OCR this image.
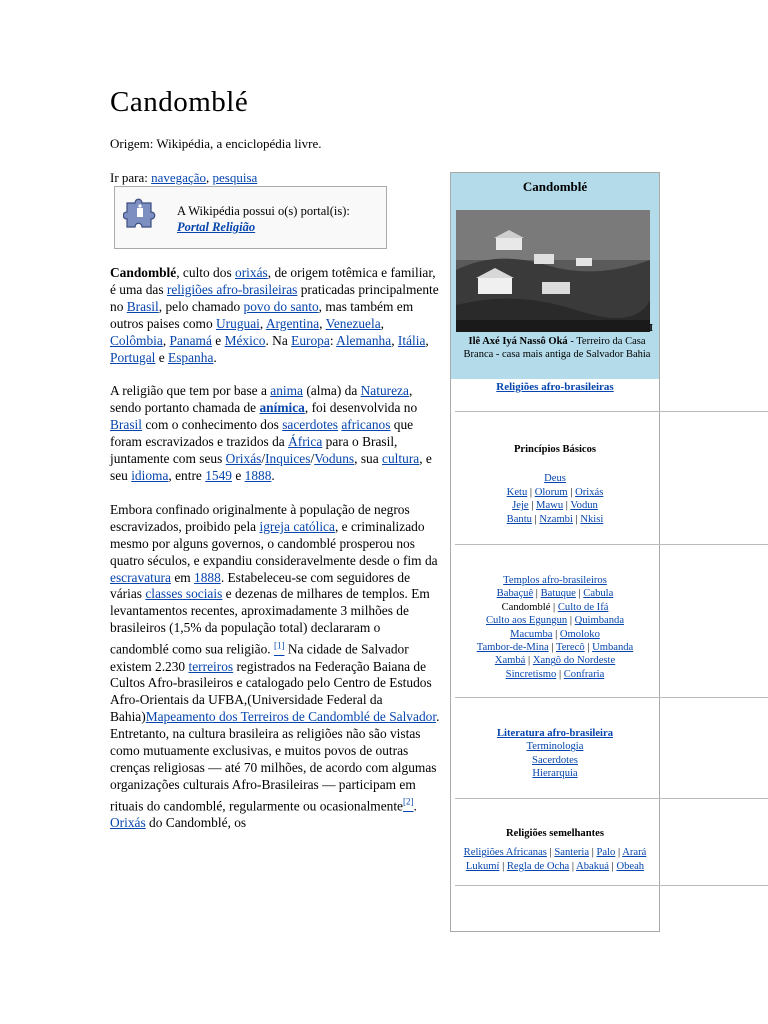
Candomblé
Origem: Wikipédia, a enciclopédia livre.
Ir para: navegação, pesquisa
A Wikipédia possui o(s) portal(is):
Portal Religião

Candomblé, culto dos orixás, de origem totêmica e familiar, é uma das religiões afro-brasileiras praticadas principalmente no Brasil, pelo chamado povo do santo, mas também em outros paises como Uruguai, Argentina, Venezuela, Colômbia, Panamá e México. Na Europa: Alemanha, Itália, Portugal e Espanha.

A religião que tem por base a anima (alma) da Natureza, sendo portanto chamada de anímica, foi desenvolvida no Brasil com o conhecimento dos sacerdotes africanos que foram escravizados e trazidos da África para o Brasil, juntamente com seus Orixás/Inquices/Voduns, sua cultura, e seu idioma, entre 1549 e 1888.

Embora confinado originalmente à população de negros escravizados, proibido pela igreja católica, e criminalizado mesmo por alguns governos, o candomblé prosperou nos quatro séculos, e expandiu consideravelmente desde o fim da escravatura em 1888. Estabeleceu-se com seguidores de várias classes sociais e dezenas de milhares de templos. Em levantamentos recentes, aproximadamente 3 milhões de brasileiros (1,5% da população total) declararam o candomblé como sua religião. [1] Na cidade de Salvador existem 2.230 terreiros registrados na Federação Baiana de Cultos Afro-brasileiros e catalogado pelo Centro de Estudos Afro-Orientais da UFBA,(Universidade Federal da Bahia)Mapeamento dos Terreiros de Candomblé de Salvador. Entretanto, na cultura brasileira as religiões não são vistas como mutuamente exclusivas, e muitos povos de outras crenças religiosas — até 70 milhões, de acordo com algumas organizações culturais Afro-Brasileiras — participam em rituais do candomblé, regularmente ou ocasionalmente[2]. Orixás do Candomblé, os

Candomblé
I
Ilê Axé Iyá Nassô Oká - Terreiro da Casa Branca - casa mais antiga de Salvador Bahia
Religiões afro-brasileiras
Princípios Básicos
Deus
Ketu | Olorum | Orixás
Jeje | Mawu | Vodun
Bantu | Nzambi | Nkisi
Templos afro-brasileiros
Babaçuê | Batuque | Cabula
Candomblé | Culto de Ifá
Culto aos Egungun | Quimbanda
Macumba | Omoloko
Tambor-de-Mina | Terecô | Umbanda
Xambá | Xangô do Nordeste
Sincretismo | Confraria
Literatura afro-brasileira
Terminologia
Sacerdotes
Hierarquia
Religiões semelhantes
Religiões Africanas | Santeria | Palo | Arará
Lukumí | Regla de Ocha | Abakuá | Obeah
